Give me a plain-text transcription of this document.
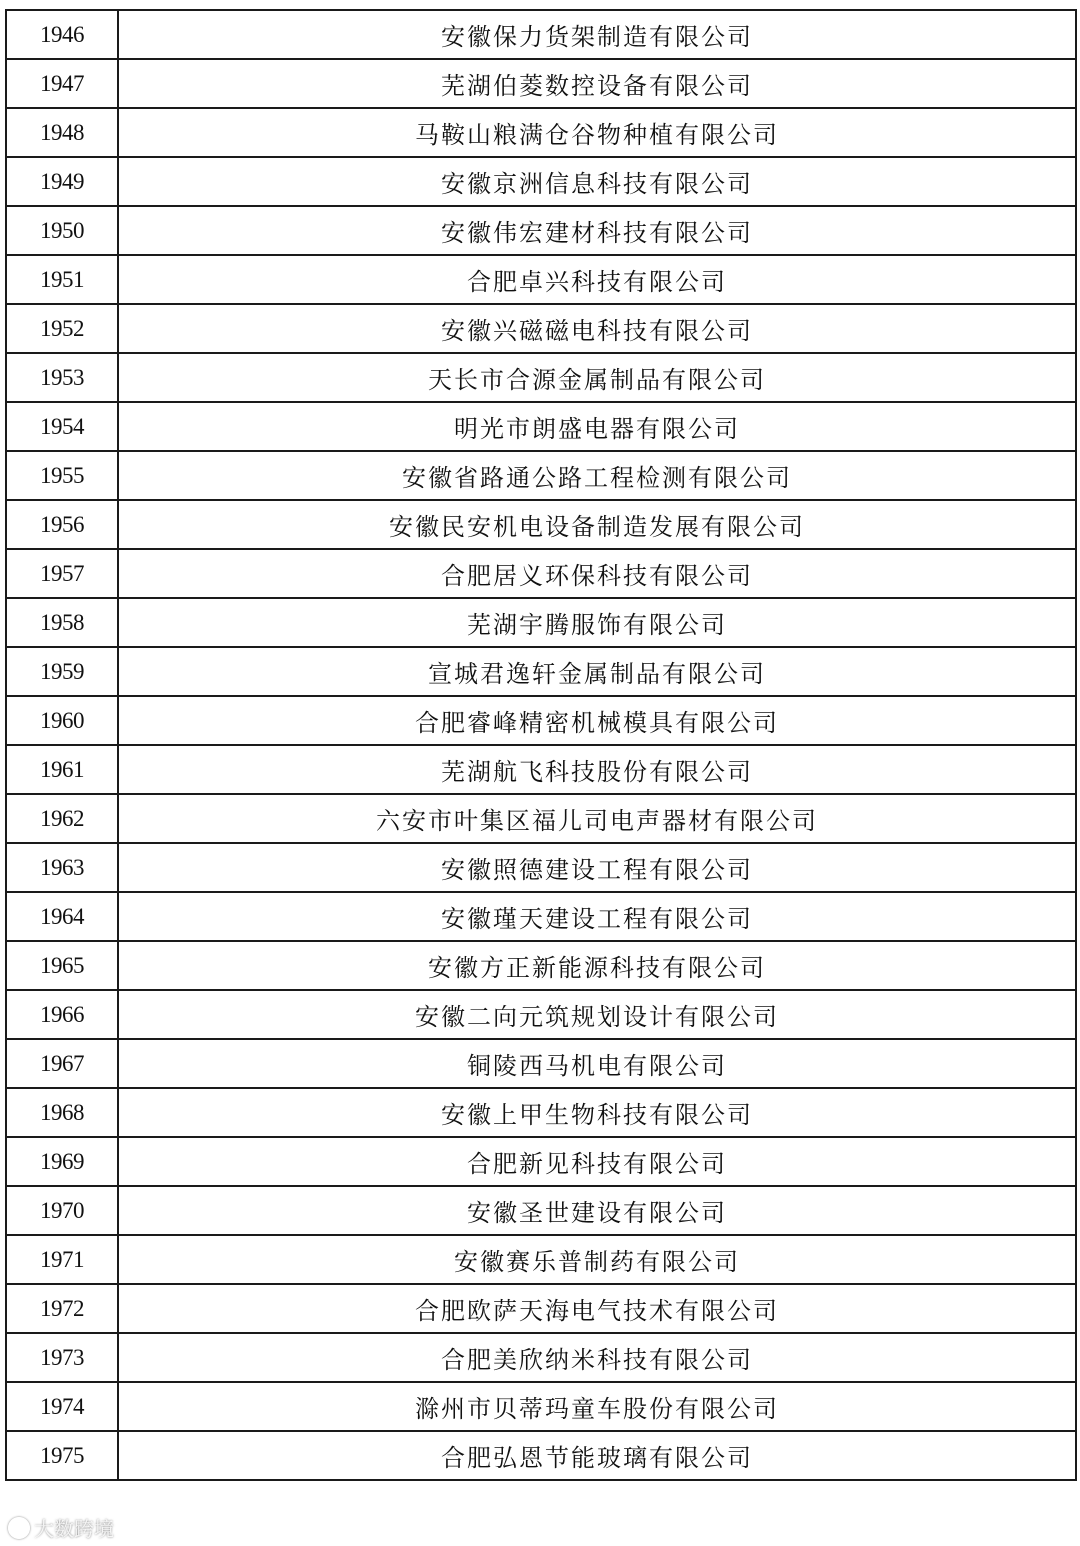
1946	安徽保力货架制造有限公司
1947	芜湖伯菱数控设备有限公司
1948	马鞍山粮满仓谷物种植有限公司
1949	安徽京洲信息科技有限公司
1950	安徽伟宏建材科技有限公司
1951	合肥卓兴科技有限公司
1952	安徽兴磁磁电科技有限公司
1953	天长市合源金属制品有限公司
1954	明光市朗盛电器有限公司
1955	安徽省路通公路工程检测有限公司
1956	安徽民安机电设备制造发展有限公司
1957	合肥居义环保科技有限公司
1958	芜湖宇腾服饰有限公司
1959	宣城君逸轩金属制品有限公司
1960	合肥睿峰精密机械模具有限公司
1961	芜湖航飞科技股份有限公司
1962	六安市叶集区福儿司电声器材有限公司
1963	安徽照德建设工程有限公司
1964	安徽瑾天建设工程有限公司
1965	安徽方正新能源科技有限公司
1966	安徽二向元筑规划设计有限公司
1967	铜陵西马机电有限公司
1968	安徽上甲生物科技有限公司
1969	合肥新见科技有限公司
1970	安徽圣世建设有限公司
1971	安徽赛乐普制药有限公司
1972	合肥欧萨天海电气技术有限公司
1973	合肥美欣纳米科技有限公司
1974	滁州市贝蒂玛童车股份有限公司
1975	合肥弘恩节能玻璃有限公司
大数跨境
